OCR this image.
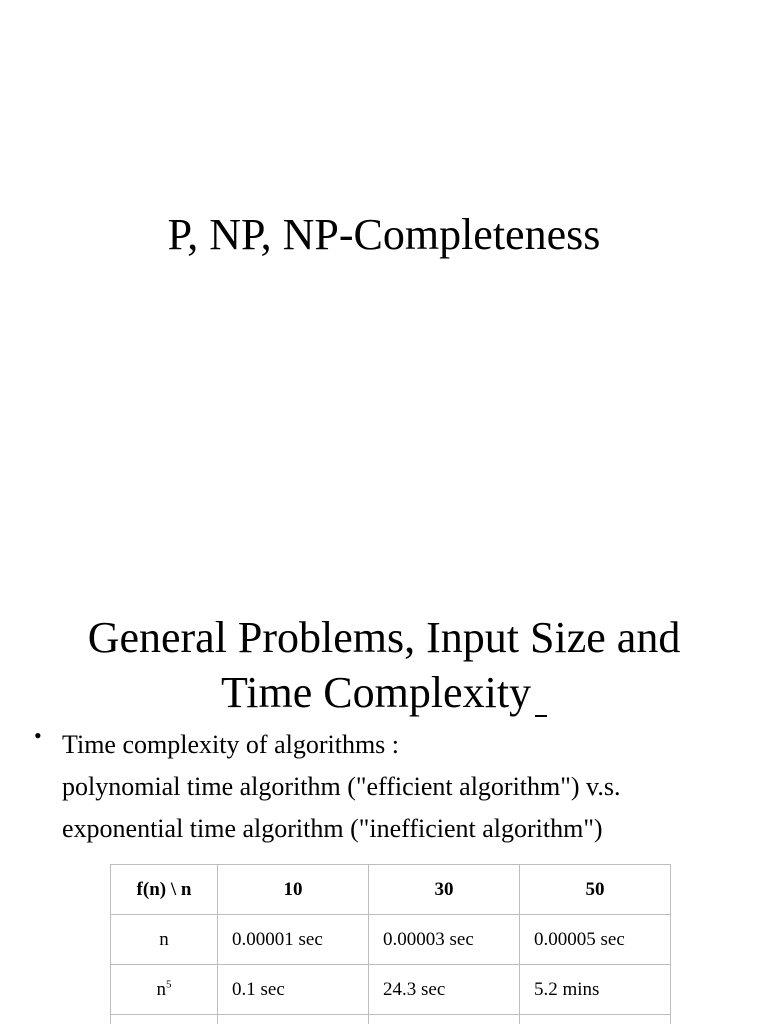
P, NP, NP-Completeness
General Problems, Input Size and
Time Complexity
• Time complexity of algorithms :
polynomial time algorithm ("efficient algorithm") v.s.
exponential time algorithm ("inefficient algorithm")
f(n) \ n	10	30	50
n	0.00001 sec	0.00003 sec	0.00005 sec
$n^5$	0.1 sec	24.3 sec	5.2 mins
